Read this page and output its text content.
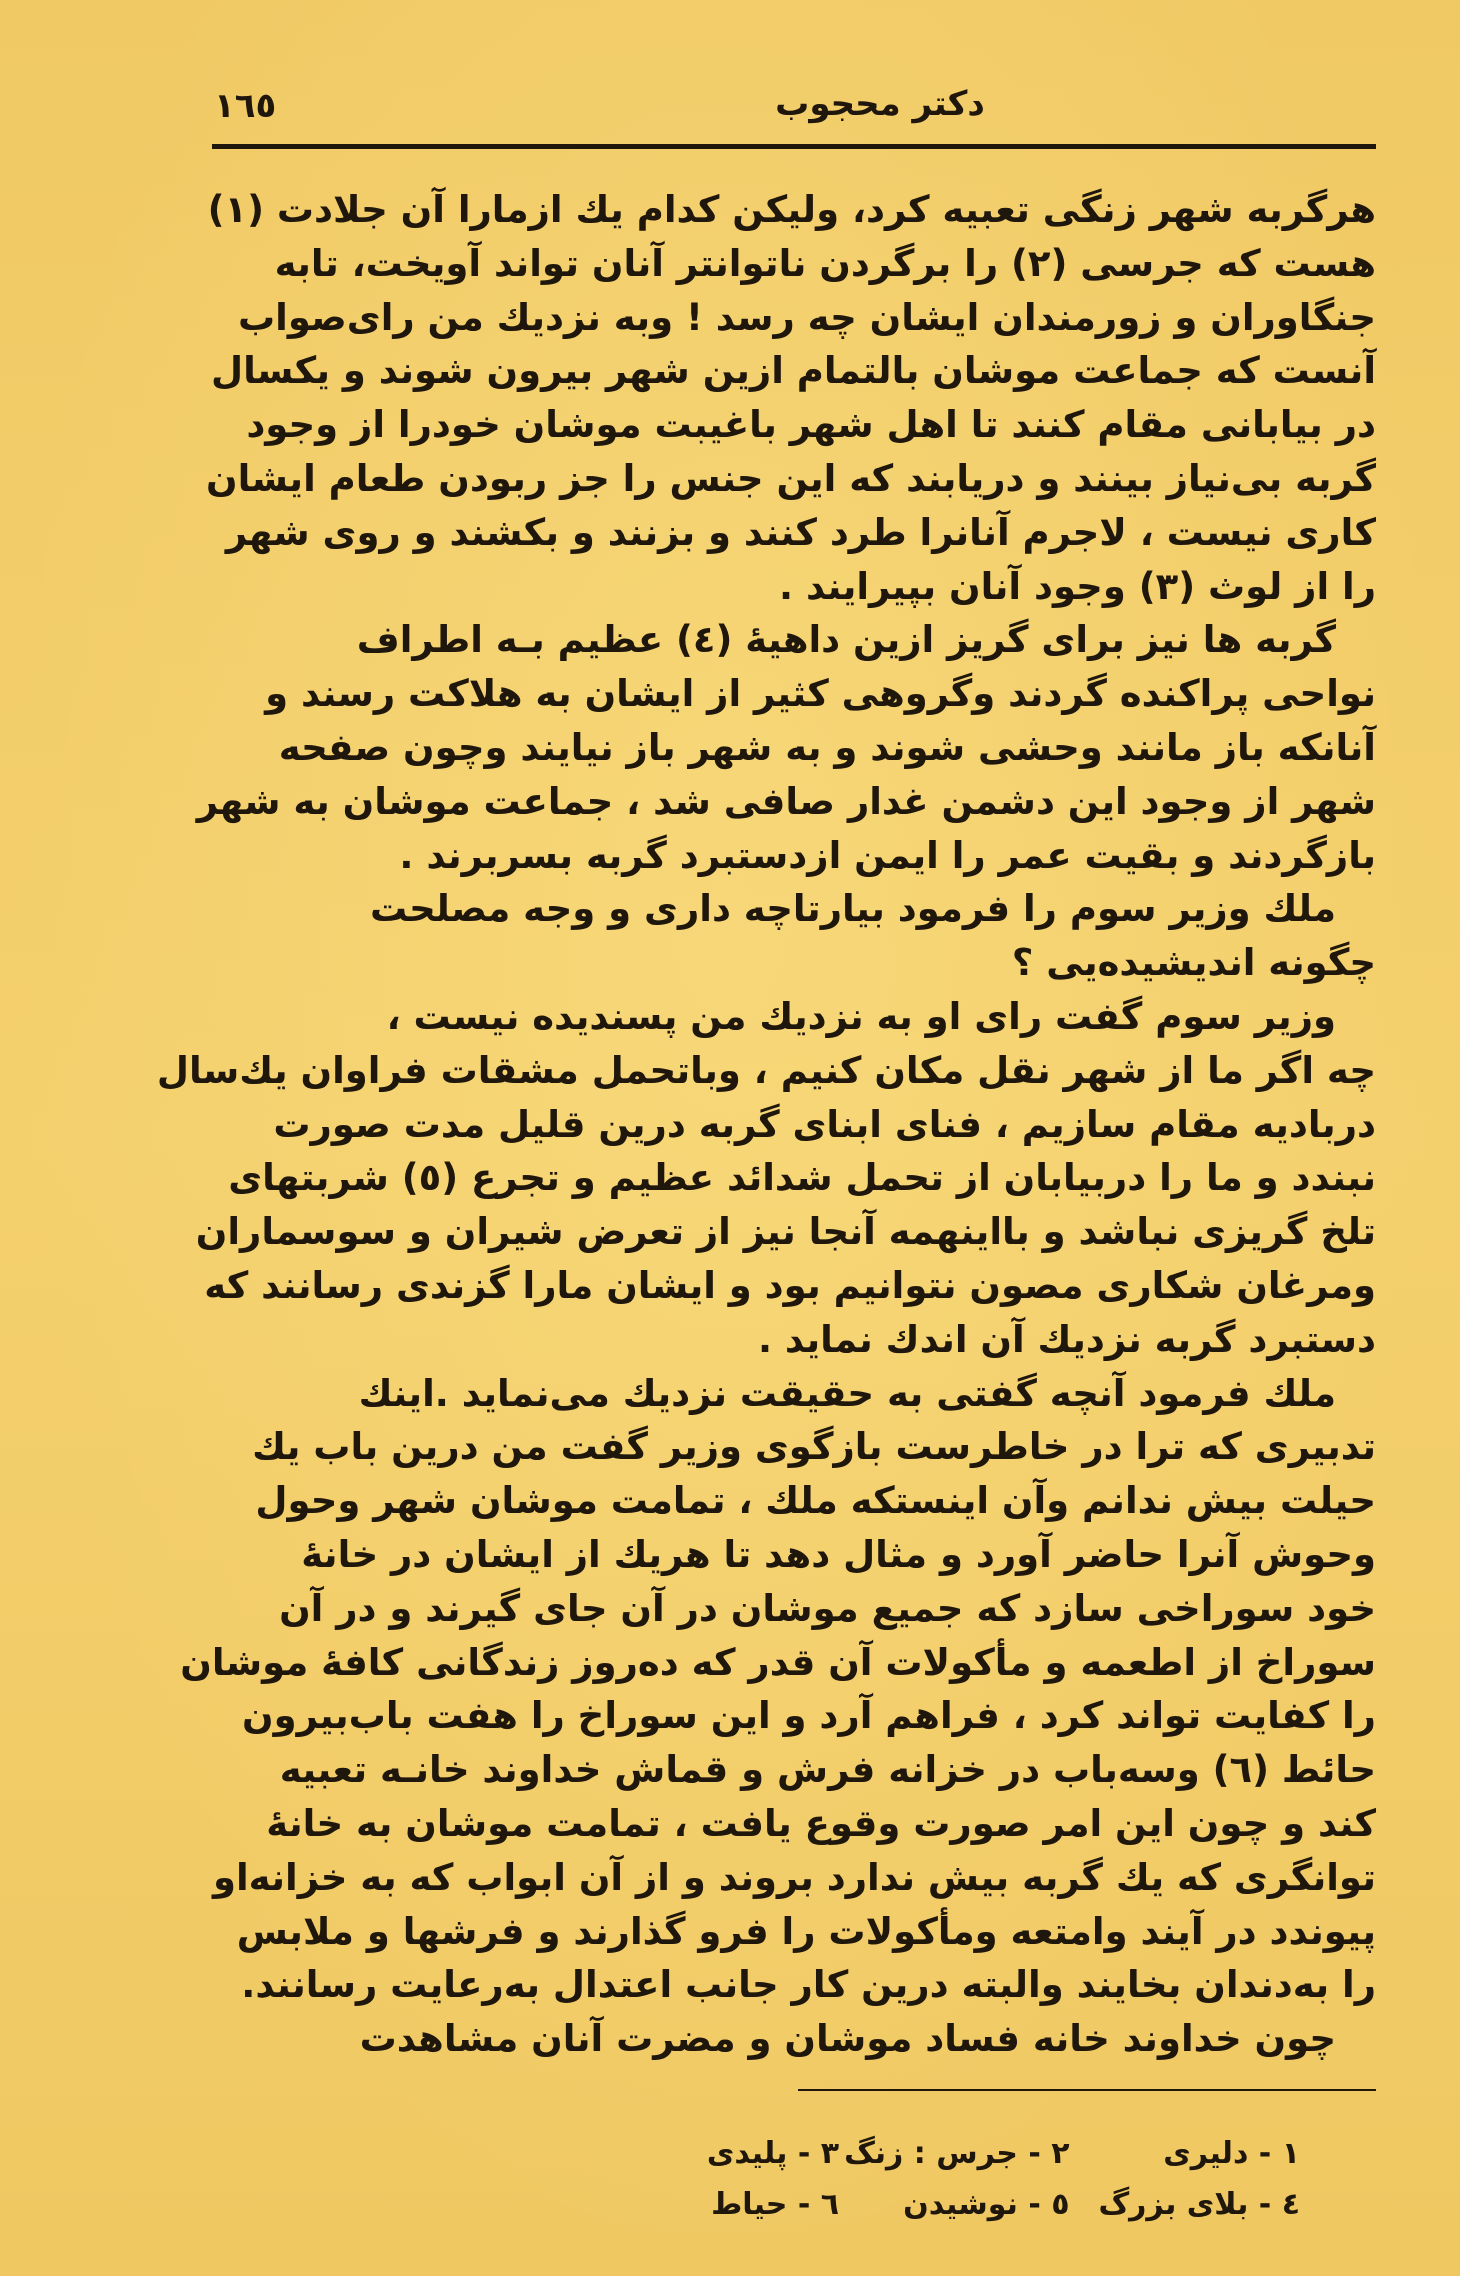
١٦٥	دکتر محجوب
هرگربه شهر زنگی تعبیه کرد، ولیکن کدام یك ازمارا آن جلادت (۱)
هست که جرسی (۲) را برگردن ناتوانتر آنان تواند آویخت، تابه
جنگاوران و زورمندان ایشان چه رسد ! وبه نزدیك من رای‌صواب
آنست که جماعت موشان بالتمام ازین شهر بیرون شوند و یکسال
در بیابانی مقام کنند تا اهل شهر باغیبت موشان خودرا از وجود
گربه بی‌نیاز بینند و دریابند که این جنس را جز ربودن طعام ایشان
کاری نیست ، لاجرم آنانرا طرد کنند و بزنند و بکشند و روی شهر
را از لوث (۳) وجود آنان بپیرایند .
گربه ها نیز برای گریز ازین داهیهٔ (٤) عظیم بـه اطراف
نواحی پراکنده گردند وگروهی کثیر از ایشان به هلاکت رسند و
آنانکه باز مانند وحشی شوند و به شهر باز نیایند وچون صفحه
شهر از وجود این دشمن غدار صافی شد ، جماعت موشان به شهر
بازگردند و بقیت عمر را ایمن ازدستبرد گربه بسربرند .
ملك وزیر سوم را فرمود بیارتاچه داری و وجه مصلحت
چگونه اندیشیده‌یی ؟
وزیر سوم گفت رای او به نزدیك من پسندیده نیست ،
چه اگر ما از شهر نقل مکان کنیم ، وباتحمل مشقات فراوان یك‌سال
دربادیه مقام سازیم ، فنای ابنای گربه درین قلیل مدت صورت
نبندد و ما را دربیابان از تحمل شدائد عظیم و تجرع (٥) شربتهای
تلخ گریزی نباشد و بااینهمه آنجا نیز از تعرض شیران و سوسماران
ومرغان شکاری مصون نتوانیم بود و ایشان مارا گزندی رسانند که
دستبرد گربه نزدیك آن اندك نماید .
ملك فرمود آنچه گفتی به حقیقت نزدیك می‌نماید .اینك
تدبیری که ترا در خاطرست بازگوی وزیر گفت من درین باب یك
حیلت بیش ندانم وآن اینستکه ملك ، تمامت موشان شهر وحول
وحوش آنرا حاضر آورد و مثال دهد تا هریك از ایشان در خانهٔ
خود سوراخی سازد که جمیع موشان در آن جای گیرند و در آن
سوراخ از اطعمه و مأکولات آن قدر که ده‌روز زندگانی کافهٔ موشان
را کفایت تواند کرد ، فراهم آرد و این سوراخ را هفت باب‌بیرون
حائط (٦) وسه‌باب در خزانه فرش و قماش خداوند خانـه تعبیه
کند و چون این امر صورت وقوع یافت ، تمامت موشان به خانهٔ
توانگری که یك گربه بیش ندارد بروند و از آن ابواب که به خزانه‌او
پیوندد در آیند وامتعه ومأکولات را فرو گذارند و فرشها و ملابس
را به‌دندان بخایند والبته درین کار جانب اعتدال به‌رعایت رسانند.
چون خداوند خانه فساد موشان و مضرت آنان مشاهدت
۱ - دلیری ۲ - جرس : زنگ ۳ - پلیدی
٤ - بلای بزرگ ٥ - نوشیدن ٦ - حیاط
